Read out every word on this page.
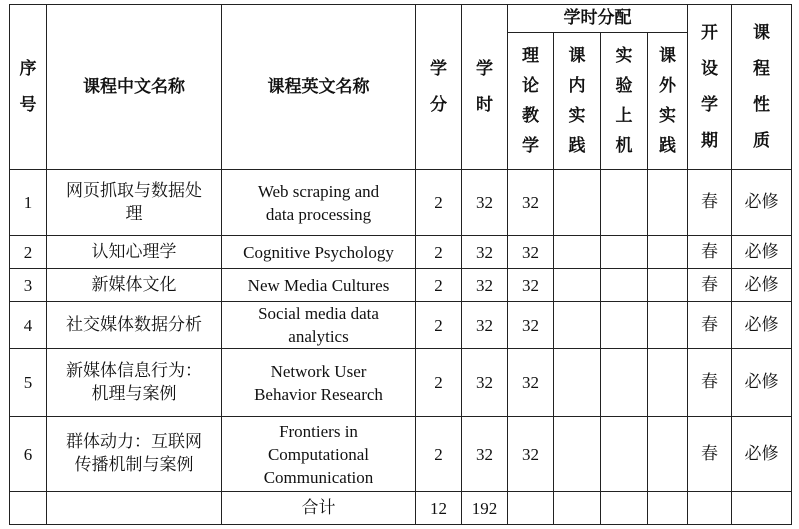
序号	课程中文名称	课程英文名称	学分	学时	学时分配				开设学期	课程性质
					理论教学	课内实践	实验上机	课外实践		
1	网页抓取与数据处理	Web scraping and data processing	2	32	32				春	必修
2	认知心理学	Cognitive Psychology	2	32	32				春	必修
3	新媒体文化	New Media Cultures	2	32	32				春	必修
4	社交媒体数据分析	Social media data analytics	2	32	32				春	必修
5	新媒体信息行为：机理与案例	Network User Behavior Research	2	32	32				春	必修
6	群体动力：互联网传播机制与案例	Frontiers in Computational Communication	2	32	32				春	必修
		合计	12	192						
